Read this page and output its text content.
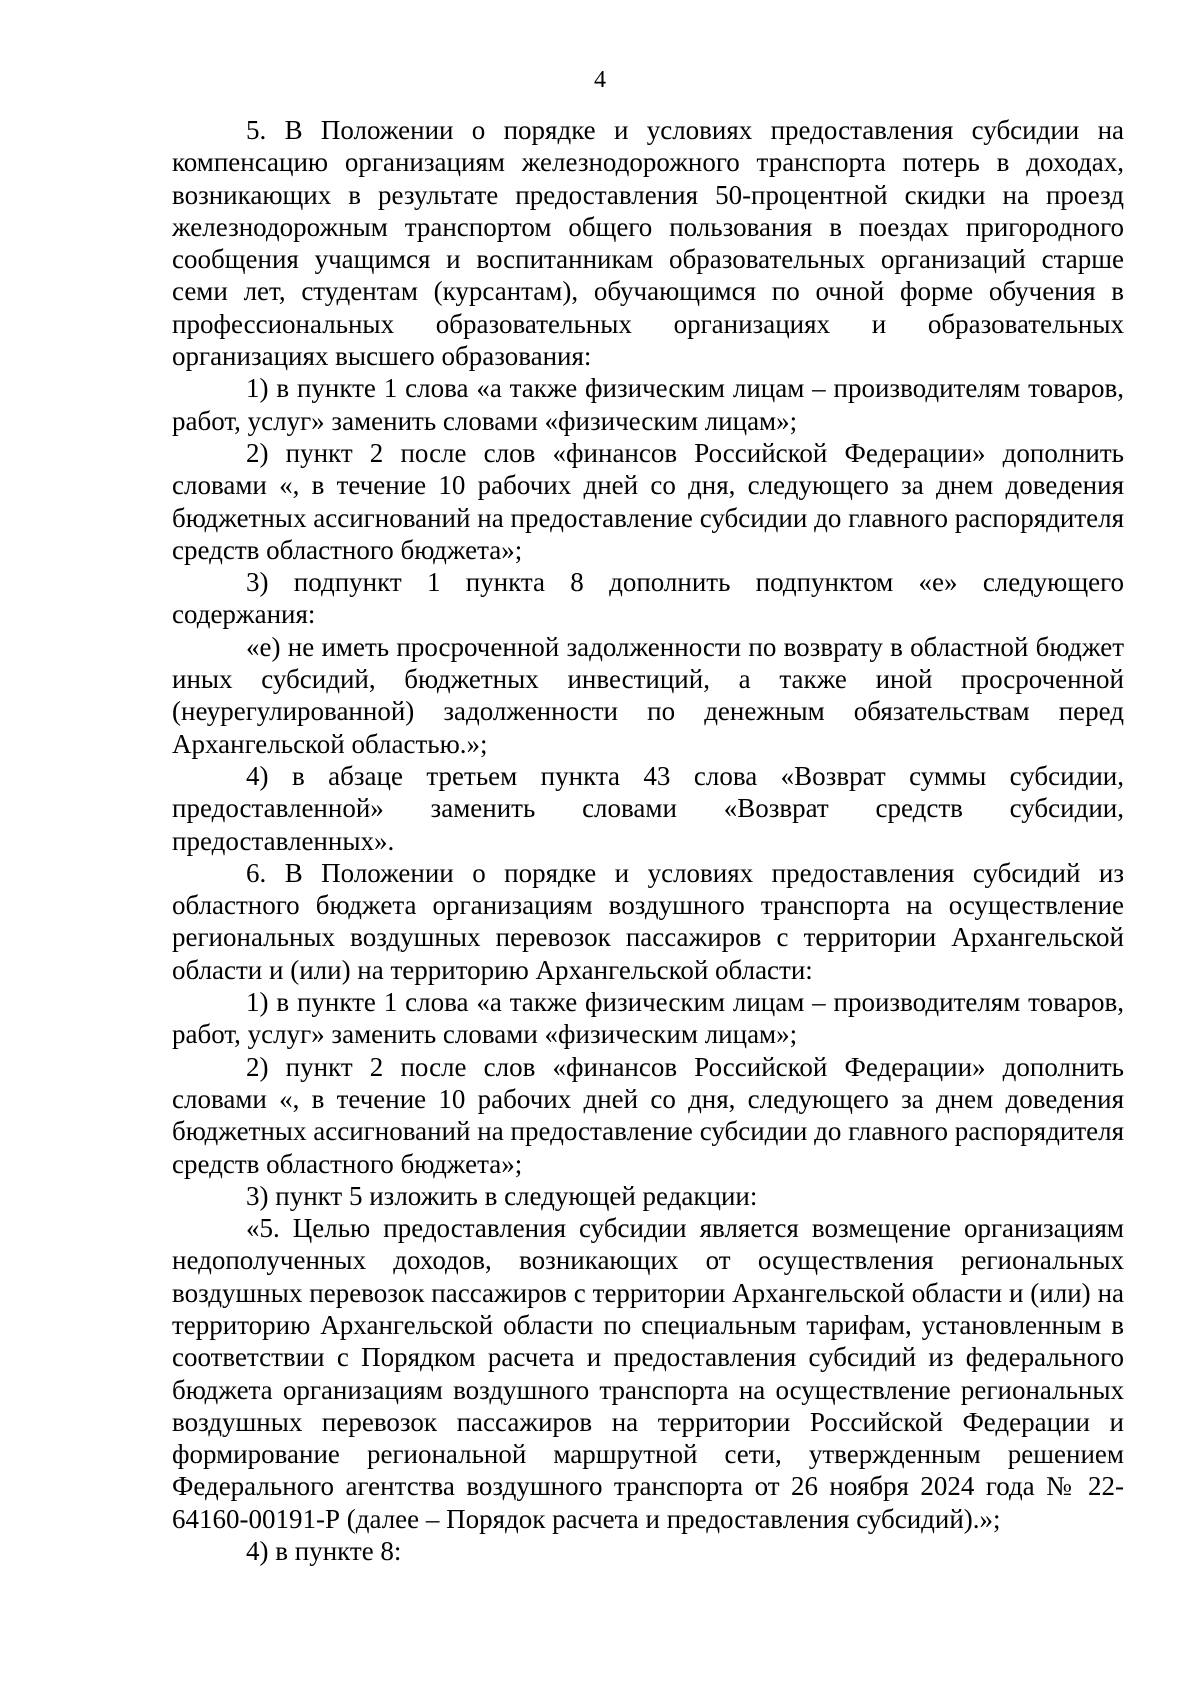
4

5. В Положении о порядке и условиях предоставления субсидии на компенсацию организациям железнодорожного транспорта потерь в доходах, возникающих в результате предоставления 50-процентной скидки на проезд железнодорожным транспортом общего пользования в поездах пригородного сообщения учащимся и воспитанникам образовательных организаций старше семи лет, студентам (курсантам), обучающимся по очной форме обучения в профессиональных образовательных организациях и образовательных организациях высшего образования:

1) в пункте 1 слова «а также физическим лицам – производителям товаров, работ, услуг» заменить словами «физическим лицам»;

2) пункт 2 после слов «финансов Российской Федерации» дополнить словами «, в течение 10 рабочих дней со дня, следующего за днем доведения бюджетных ассигнований на предоставление субсидии до главного распорядителя средств областного бюджета»;

3) подпункт 1 пункта 8 дополнить подпунктом «е» следующего содержания:

«е) не иметь просроченной задолженности по возврату в областной бюджет иных субсидий, бюджетных инвестиций, а также иной просроченной (неурегулированной) задолженности по денежным обязательствам перед Архангельской областью.»;

4) в абзаце третьем пункта 43 слова «Возврат суммы субсидии, предоставленной» заменить словами «Возврат средств субсидии, предоставленных».

6. В Положении о порядке и условиях предоставления субсидий из областного бюджета организациям воздушного транспорта на осуществление региональных воздушных перевозок пассажиров с территории Архангельской области и (или) на территорию Архангельской области:

1) в пункте 1 слова «а также физическим лицам – производителям товаров, работ, услуг» заменить словами «физическим лицам»;

2) пункт 2 после слов «финансов Российской Федерации» дополнить словами «, в течение 10 рабочих дней со дня, следующего за днем доведения бюджетных ассигнований на предоставление субсидии до главного распорядителя средств областного бюджета»;

3) пункт 5 изложить в следующей редакции:

«5. Целью предоставления субсидии является возмещение организациям недополученных доходов, возникающих от осуществления региональных воздушных перевозок пассажиров с территории Архангельской области и (или) на территорию Архангельской области по специальным тарифам, установленным в соответствии с Порядком расчета и предоставления субсидий из федерального бюджета организациям воздушного транспорта на осуществление региональных воздушных перевозок пассажиров на территории Российской Федерации и формирование региональной маршрутной сети, утвержденным решением Федерального агентства воздушного транспорта от 26 ноября 2024 года № 22-64160-00191-Р (далее – Порядок расчета и предоставления субсидий).»;

4) в пункте 8:
